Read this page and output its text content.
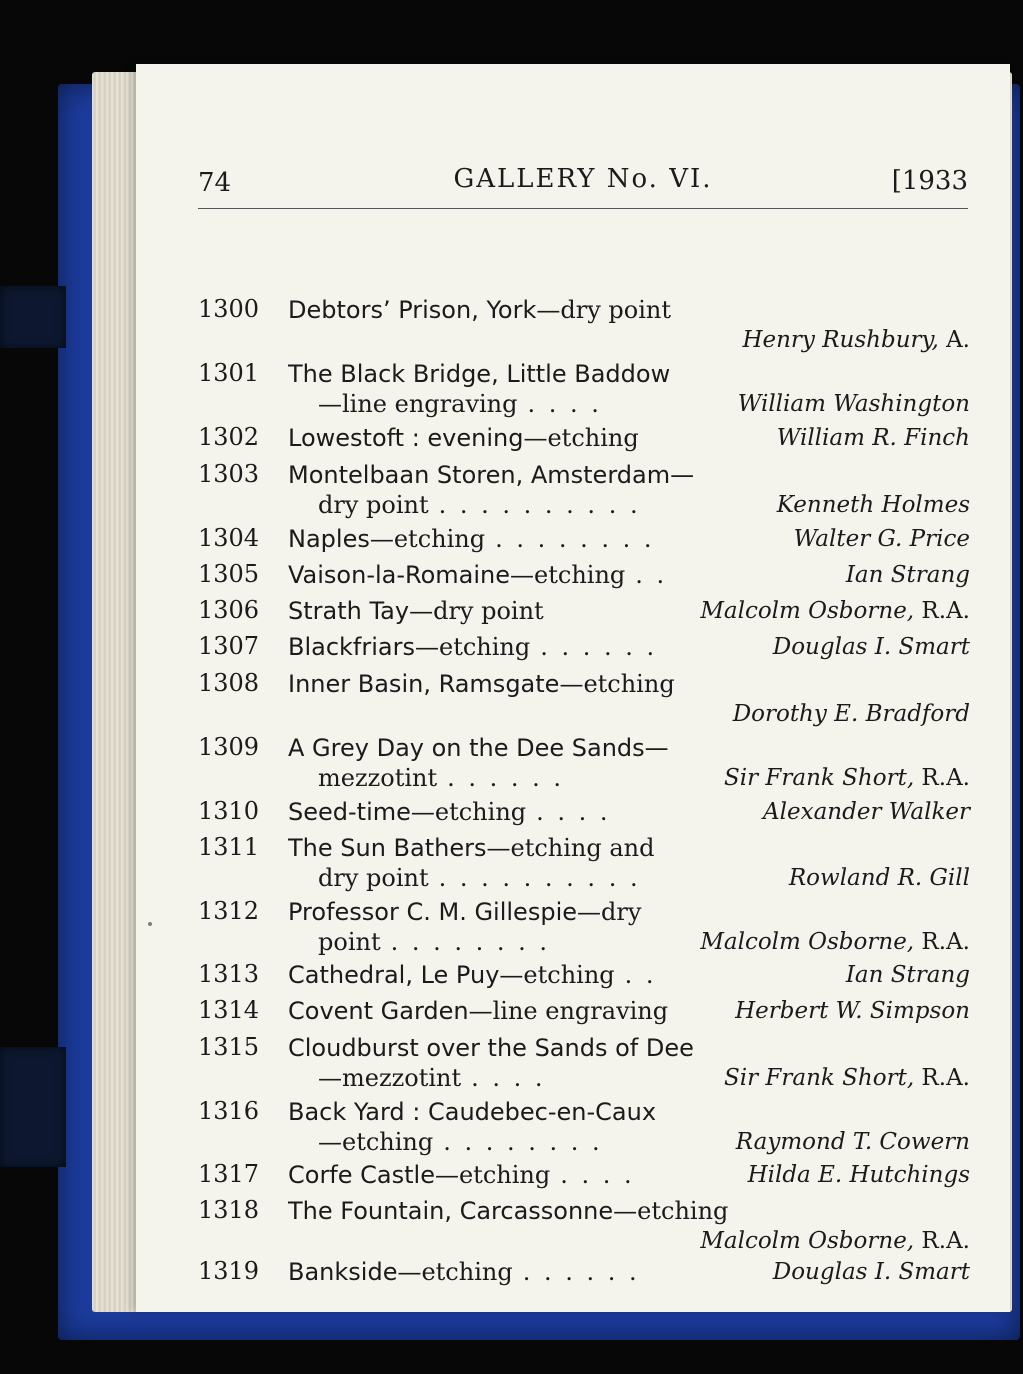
74	GALLERY No. VI.	[1933
1300 Debtors’ Prison, York—dry point
Henry Rushbury, A.
1301 The Black Bridge, Little Baddow
—line engraving . . . .	William Washington
1302 Lowestoft : evening—etching	William R. Finch
1303 Montelbaan Storen, Amsterdam—
dry point . . . . . . . . . .	Kenneth Holmes
1304 Naples—etching . . . . . . . .	Walter G. Price
1305 Vaison-la-Romaine—etching . .	Ian Strang
1306 Strath Tay—dry point	Malcolm Osborne, R.A.
1307 Blackfriars—etching . . . . . .	Douglas I. Smart
1308 Inner Basin, Ramsgate—etching
Dorothy E. Bradford
1309 A Grey Day on the Dee Sands—
mezzotint . . . . . .	Sir Frank Short, R.A.
1310 Seed-time—etching . . . .	Alexander Walker
1311 The Sun Bathers—etching and
dry point . . . . . . . . . .	Rowland R. Gill
1312 Professor C. M. Gillespie—dry
point . . . . . . . .	Malcolm Osborne, R.A.
1313 Cathedral, Le Puy—etching . .	Ian Strang
1314 Covent Garden—line engraving	Herbert W. Simpson
1315 Cloudburst over the Sands of Dee
—mezzotint . . . .	Sir Frank Short, R.A.
1316 Back Yard : Caudebec-en-Caux
—etching . . . . . . . .	Raymond T. Cowern
1317 Corfe Castle—etching . . . .	Hilda E. Hutchings
1318 The Fountain, Carcassonne—etching
Malcolm Osborne, R.A.
1319 Bankside—etching . . . . . .	Douglas I. Smart
